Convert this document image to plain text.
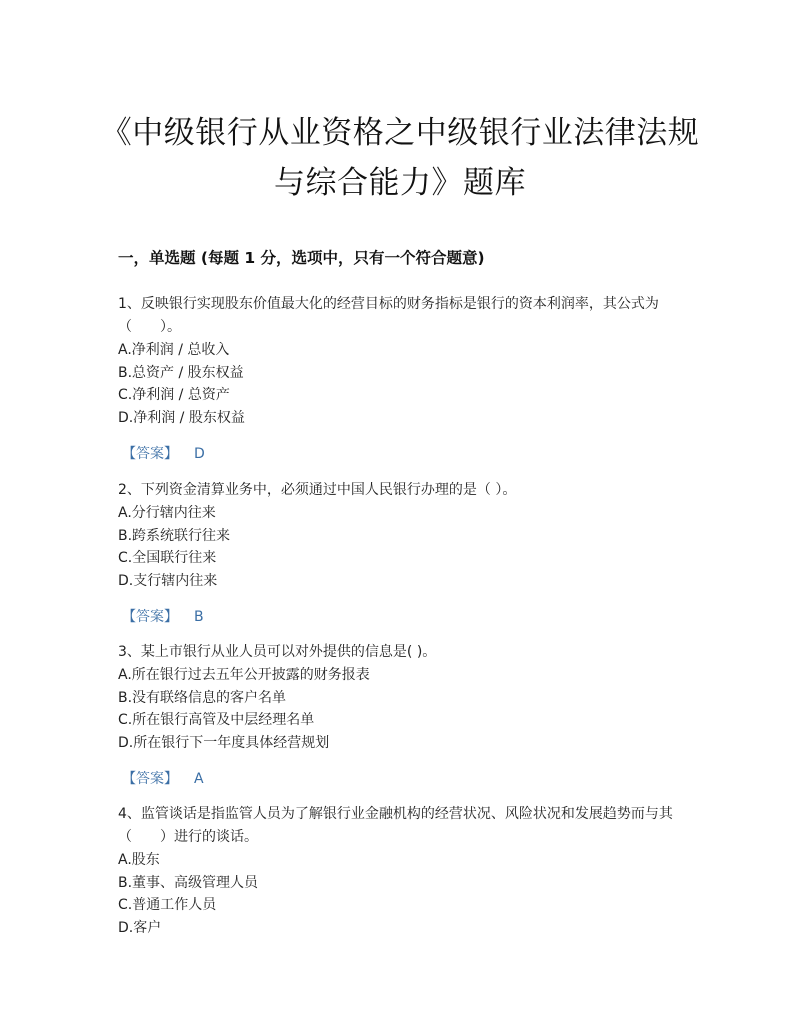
《中级银行从业资格之中级银行业法律法规与综合能力》题库
一，单选题 (每题 1 分，选项中，只有一个符合题意)
1、反映银行实现股东价值最大化的经营目标的财务指标是银行的资本利润率，其公式为（　　）。
A.净利润 / 总收入
B.总资产 / 股东权益
C.净利润 / 总资产
D.净利润 / 股东权益
【答案】 D
2、下列资金清算业务中，必须通过中国人民银行办理的是（ ）。
A.分行辖内往来
B.跨系统联行往来
C.全国联行往来
D.支行辖内往来
【答案】 B
3、某上市银行从业人员可以对外提供的信息是( )。
A.所在银行过去五年公开披露的财务报表
B.没有联络信息的客户名单
C.所在银行高管及中层经理名单
D.所在银行下一年度具体经营规划
【答案】 A
4、监管谈话是指监管人员为了解银行业金融机构的经营状况、风险状况和发展趋势而与其（　　）进行的谈话。
A.股东
B.董事、高级管理人员
C.普通工作人员
D.客户
